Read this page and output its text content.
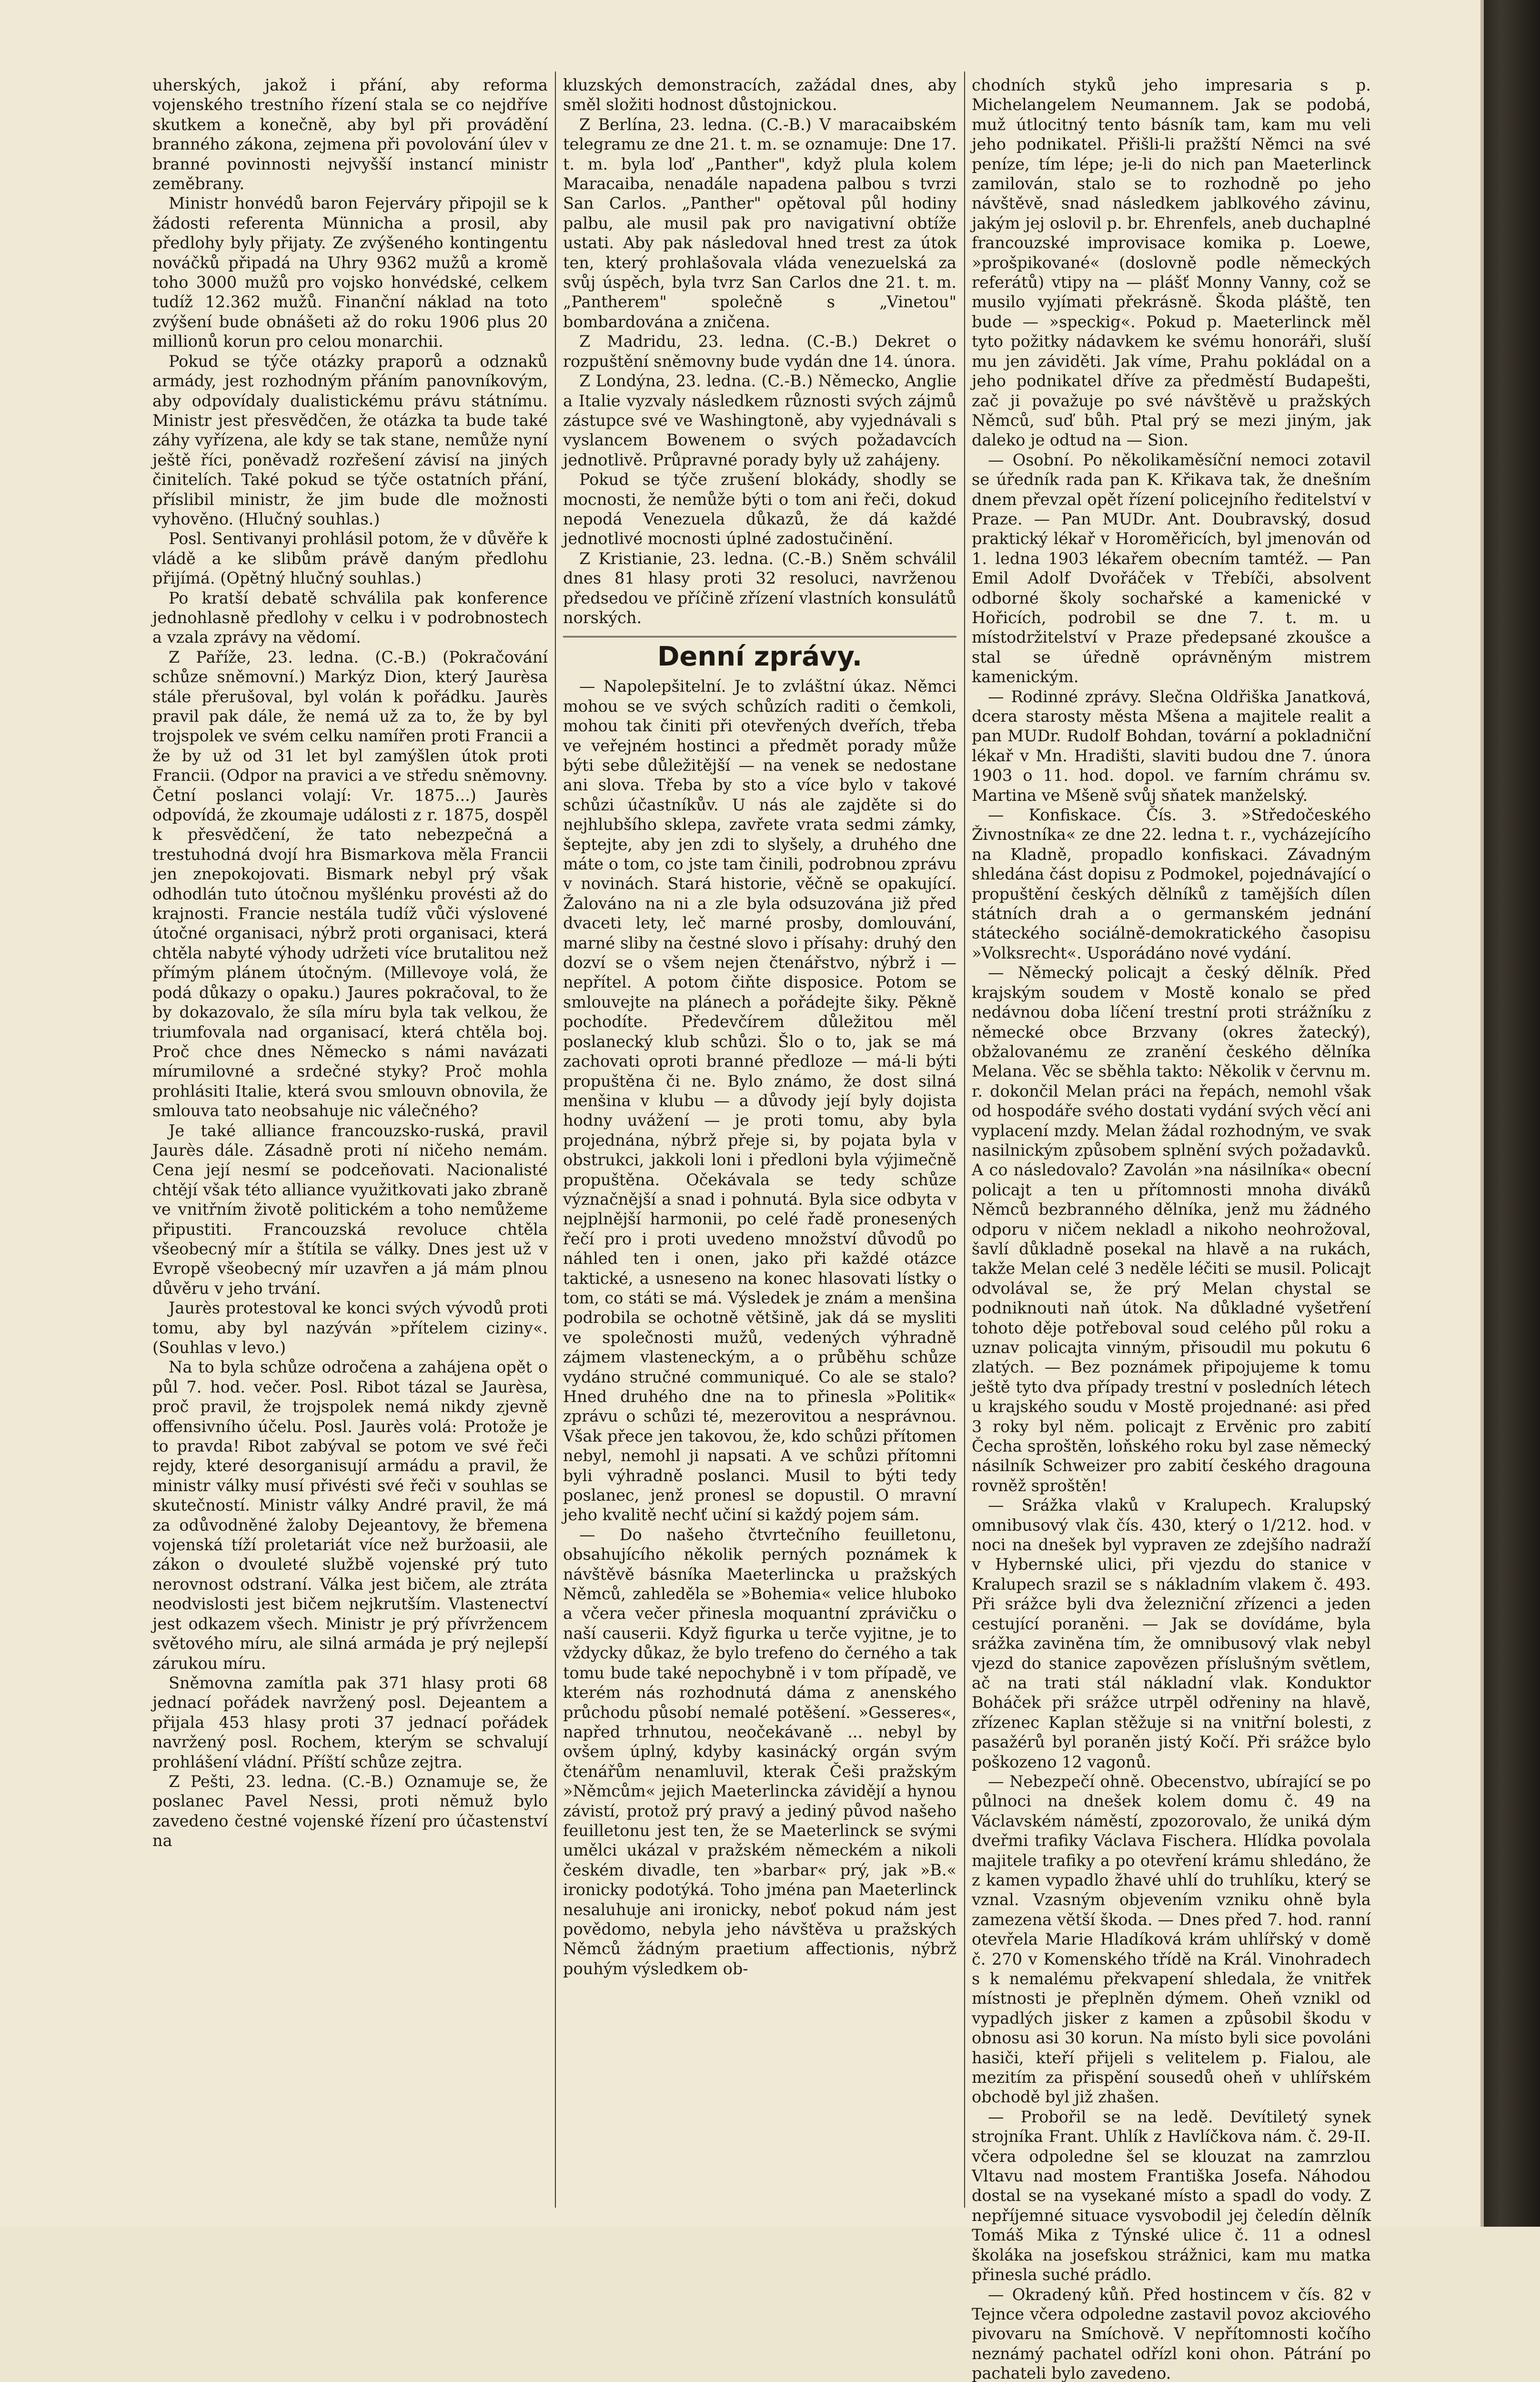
uherských, jakož i přání, aby reforma vojenského trestního řízení stala se co nejdříve skutkem a konečně, aby byl při provádění branného zákona, zejmena při povolování úlev v branné povinnosti nejvyšší instancí ministr zeměbrany.

Ministr honvédů baron Fejerváry připojil se k žádosti referenta Münnicha a prosil, aby předlohy byly přijaty. Ze zvýšeného kontingentu nováčků připadá na Uhry 9362 mužů a kromě toho 3000 mužů pro vojsko honvédské, celkem tudíž 12.362 mužů. Finanční náklad na toto zvýšení bude obnášeti až do roku 1906 plus 20 millionů korun pro celou monarchii.

Pokud se týče otázky praporů a odznaků armády, jest rozhodným přáním panovníkovým, aby odpovídaly dualistickému právu státnímu. Ministr jest přesvědčen, že otázka ta bude také záhy vyřízena, ale kdy se tak stane, nemůže nyní ještě říci, poněvadž rozřešení závisí na jiných činitelích. Také pokud se týče ostatních přání, příslibil ministr, že jim bude dle možnosti vyhověno. (Hlučný souhlas.)

Posl. Sentivanyi prohlásil potom, že v důvěře k vládě a ke slibům právě daným předlohu přijímá. (Opětný hlučný souhlas.)

Po kratší debatě schválila pak konference jednohlasně předlohy v celku i v podrobnostech a vzala zprávy na vědomí.

Z Paříže, 23. ledna. (C.-B.) (Pokračování schůze sněmovní.) Markýz Dion, který Jaurèsa stále přerušoval, byl volán k pořádku. Jaurès pravil pak dále, že nemá už za to, že by byl trojspolek ve svém celku namířen proti Francii a že by už od 31 let byl zamýšlen útok proti Francii. (Odpor na pravici a ve středu sněmovny. Četní poslanci volají: Vr. 1875...) Jaurès odpovídá, že zkoumaje události z r. 1875, dospěl k přesvědčení, že tato nebezpečná a trestuhodná dvojí hra Bismarkova měla Francii jen znepokojovati. Bismark nebyl prý však odhodlán tuto útočnou myšlénku provésti až do krajnosti. Francie nestála tudíž vůči výslovené útočné organisaci, nýbrž proti organisaci, která chtěla nabyté výhody udržeti více brutalitou než přímým plánem útočným. (Millevoye volá, že podá důkazy o opaku.) Jaures pokračoval, to že by dokazovalo, že síla míru byla tak velkou, že triumfovala nad organisací, která chtěla boj. Proč chce dnes Německo s námi navázati mírumilovné a srdečné styky? Proč mohla prohlásiti Italie, která svou smlouvn obnovila, že smlouva tato neobsahuje nic válečného?

Je také alliance francouzsko-ruská, pravil Jaurès dále. Zásadně proti ní ničeho nemám. Cena její nesmí se podceňovati. Nacionalisté chtějí však této alliance využitkovati jako zbraně ve vnitřním životě politickém a toho nemůžeme připustiti. Francouzská revoluce chtěla všeobecný mír a štítila se války. Dnes jest už v Evropě všeobecný mír uzavřen a já mám plnou důvěru v jeho trvání.

Jaurès protestoval ke konci svých vývodů proti tomu, aby byl nazýván »přítelem ciziny«. (Souhlas v levo.)

Na to byla schůze odročena a zahájena opět o půl 7. hod. večer. Posl. Ribot tázal se Jaurèsa, proč pravil, že trojspolek nemá nikdy zjevně offensivního účelu. Posl. Jaurès volá: Protože je to pravda! Ribot zabýval se potom ve své řeči rejdy, které desorganisují armádu a pravil, že ministr války musí přivésti své řeči v souhlas se skutečností. Ministr války André pravil, že má za odůvodněné žaloby Dejeantovy, že břemena vojenská tíží proletariát více než buržoasii, ale zákon o dvouleté službě vojenské prý tuto nerovnost odstraní. Válka jest bičem, ale ztráta neodvislosti jest bičem nejkrutším. Vlastenectví jest odkazem všech. Ministr je prý přívržencem světového míru, ale silná armáda je prý nejlepší zárukou míru.

Sněmovna zamítla pak 371 hlasy proti 68 jednací pořádek navržený posl. Dejeantem a přijala 453 hlasy proti 37 jednací pořádek navržený posl. Rochem, kterým se schvalují prohlášení vládní. Příští schůze zejtra.

Z Pešti, 23. ledna. (C.-B.) Oznamuje se, že poslanec Pavel Nessi, proti němuž bylo zavedeno čestné vojenské řízení pro účastenství na

kluzských demonstracích, zažádal dnes, aby směl složiti hodnost důstojnickou.

Z Berlína, 23. ledna. (C.-B.) V maracaibském telegramu ze dne 21. t. m. se oznamuje: Dne 17. t. m. byla loď „Panther", když plula kolem Maracaiba, nenadále napadena palbou s tvrzi San Carlos. „Panther" opětoval půl hodiny palbu, ale musil pak pro navigativní obtíže ustati. Aby pak následoval hned trest za útok ten, který prohlašovala vláda venezuelská za svůj úspěch, byla tvrz San Carlos dne 21. t. m. „Pantherem" společně s „Vinetou" bombardována a zničena.

Z Madridu, 23. ledna. (C.-B.) Dekret o rozpuštění sněmovny bude vydán dne 14. února.

Z Londýna, 23. ledna. (C.-B.) Německo, Anglie a Italie vyzvaly následkem různosti svých zájmů zástupce své ve Washingtoně, aby vyjednávali s vyslancem Bowenem o svých požadavcích jednotlivě. Průpravné porady byly už zahájeny.

Pokud se týče zrušení blokády, shodly se mocnosti, že nemůže býti o tom ani řeči, dokud nepodá Venezuela důkazů, že dá každé jednotlivé mocnosti úplné zadostučinění.

Z Kristianie, 23. ledna. (C.-B.) Sněm schválil dnes 81 hlasy proti 32 resoluci, navrženou předsedou ve příčině zřízení vlastních konsulátů norských.

Denní zprávy.

— Napolepšitelní. Je to zvláštní úkaz. Němci mohou se ve svých schůzích raditi o čemkoli, mohou tak činiti při otevřených dveřích, třeba ve veřejném hostinci a předmět porady může býti sebe důležitější — na venek se nedostane ani slova. Třeba by sto a více bylo v takové schůzi účastníkův. U nás ale zajděte si do nejhlubšího sklepa, zavřete vrata sedmi zámky, šeptejte, aby jen zdi to slyšely, a druhého dne máte o tom, co jste tam činili, podrobnou zprávu v novinách. Stará historie, věčně se opakující. Žalováno na ni a zle byla odsuzována již před dvaceti lety, leč marné prosby, domlouvání, marné sliby na čestné slovo i přísahy: druhý den dozví se o všem nejen čtenářstvo, nýbrž i — nepřítel. A potom čiňte disposice. Potom se smlouvejte na plánech a pořádejte šiky. Pěkně pochodíte. Předevčírem důležitou měl poslanecký klub schůzi. Šlo o to, jak se má zachovati oproti branné předloze — má-li býti propuštěna či ne. Bylo známo, že dost silná menšina v klubu — a důvody její byly dojista hodny uvážení — je proti tomu, aby byla projednána, nýbrž přeje si, by pojata byla v obstrukci, jakkoli loni i předloni byla výjimečně propuštěna. Očekávala se tedy schůze význačnější a snad i pohnutá. Byla sice odbyta v nejplnější harmonii, po celé řadě pronesených řečí pro i proti uvedeno množství důvodů po náhled ten i onen, jako při každé otázce taktické, a usneseno na konec hlasovati lístky o tom, co státi se má. Výsledek je znám a menšina podrobila se ochotně většině, jak dá se mysliti ve společnosti mužů, vedených výhradně zájmem vlasteneckým, a o průběhu schůze vydáno stručné communiqué. Co ale se stalo? Hned druhého dne na to přinesla »Politik« zprávu o schůzi té, mezerovitou a nesprávnou. Však přece jen takovou, že, kdo schůzi přítomen nebyl, nemohl ji napsati. A ve schůzi přítomni byli výhradně poslanci. Musil to býti tedy poslanec, jenž pronesl se dopustil. O mravní jeho kvalitě nechť učiní si každý pojem sám.

— Do našeho čtvrtečního feuilletonu, obsahujícího několik perných poznámek k návštěvě básníka Maeterlincka u pražských Němců, zahleděla se »Bohemia« velice hluboko a včera večer přinesla moquantní zprávičku o naší causerii. Když figurka u terče vyjitne, je to vždycky důkaz, že bylo trefeno do černého a tak tomu bude také nepochybně i v tom případě, ve kterém nás rozhodnutá dáma z anenského průchodu působí nemalé potěšení. »Gesseres«, napřed trhnutou, neočekávaně ... nebyl by ovšem úplný, kdyby kasinácký orgán svým čtenářům nenamluvil, kterak Češi pražským »Němcům« jejich Maeterlincka závidějí a hynou závistí, protož prý pravý a jediný původ našeho feuilletonu jest ten, že se Maeterlinck se svými umělci ukázal v pražském německém a nikoli českém divadle, ten »barbar« prý, jak »B.« ironicky podotýká. Toho jména pan Maeterlinck nesaluhuje ani ironicky, neboť pokud nám jest povědomo, nebyla jeho návštěva u pražských Němců žádným praetium affectionis, nýbrž pouhým výsledkem ob-

chodních styků jeho impresaria s p. Michelangelem Neumannem. Jak se podobá, muž útlocitný tento básník tam, kam mu veli jeho podnikatel. Přišli-li pražští Němci na své peníze, tím lépe; je-li do nich pan Maeterlinck zamilován, stalo se to rozhodně po jeho návštěvě, snad následkem jablkového závinu, jakým jej oslovil p. br. Ehrenfels, aneb duchaplné francouzské improvisace komika p. Loewe, »prošpikované« (doslovně podle německých referátů) vtipy na — plášť Monny Vanny, což se musilo vyjímati překrásně. Škoda pláště, ten bude — »speckig«. Pokud p. Maeterlinck měl tyto požitky nádavkem ke svému honoráři, sluší mu jen záviděti. Jak víme, Prahu pokládal on a jeho podnikatel dříve za předměstí Budapešti, zač ji považuje po své návštěvě u pražských Němců, suď bůh. Ptal prý se mezi jiným, jak daleko je odtud na — Sion.

— Osobní. Po několikaměsíční nemoci zotavil se úředník rada pan K. Křikava tak, že dnešním dnem převzal opět řízení policejního ředitelství v Praze. — Pan MUDr. Ant. Doubravský, dosud praktický lékař v Horoměřicích, byl jmenován od 1. ledna 1903 lékařem obecním tamtéž. — Pan Emil Adolf Dvořáček v Třebíči, absolvent odborné školy sochařské a kamenické v Hořicích, podrobil se dne 7. t. m. u místodržitelství v Praze předepsané zkoušce a stal se úředně oprávněným mistrem kamenickým.

— Rodinné zprávy. Slečna Oldřiška Janatková, dcera starosty města Mšena a majitele realit a pan MUDr. Rudolf Bohdan, tovární a pokladniční lékař v Mn. Hradišti, slaviti budou dne 7. února 1903 o 11. hod. dopol. ve farním chrámu sv. Martina ve Mšeně svůj sňatek manželský.

— Konfiskace. Čís. 3. »Středočeského Živnostníka« ze dne 22. ledna t. r., vycházejícího na Kladně, propadlo konfiskaci. Závadným shledána část dopisu z Podmokel, pojednávající o propuštění českých dělníků z tamějších dílen státních drah a o germanském jednání státeckého sociálně-demokratického časopisu »Volksrecht«. Usporádáno nové vydání.

— Německý policajt a český dělník. Před krajským soudem v Mostě konalo se před nedávnou doba líčení trestní proti strážníku z německé obce Brzvany (okres žatecký), obžalovanému ze zranění českého dělníka Melana. Věc se sběhla takto: Několik v červnu m. r. dokončil Melan práci na řepách, nemohl však od hospodáře svého dostati vydání svých věcí ani vyplacení mzdy. Melan žádal rozhodným, ve svak nasilnickým způsobem splnění svých požadavků. A co následovalo? Zavolán »na násilníka« obecní policajt a ten u přítomnosti mnoha diváků Němců bezbranného dělníka, jenž mu žádného odporu v ničem nekladl a nikoho neohrožoval, šavlí důkladně posekal na hlavě a na rukách, takže Melan celé 3 neděle léčiti se musil. Policajt odvolával se, že prý Melan chystal se podniknouti naň útok. Na důkladné vyšetření tohoto děje potřeboval soud celého půl roku a uznav policajta vinným, přisoudil mu pokutu 6 zlatých. — Bez poznámek připojujeme k tomu ještě tyto dva případy trestní v posledních létech u krajského soudu v Mostě projednané: asi před 3 roky byl něm. policajt z Ervěnic pro zabití Čecha sproštěn, loňského roku byl zase německý násilník Schweizer pro zabití českého dragouna rovněž sproštěn!

— Srážka vlaků v Kralupech. Kralupský omnibusový vlak čís. 430, který o 1/212. hod. v noci na dnešek byl vypraven ze zdejšího nadraží v Hybernské ulici, při vjezdu do stanice v Kralupech srazil se s nákladním vlakem č. 493. Při srážce byli dva železniční zřízenci a jeden cestující poraněni. — Jak se dovídáme, byla srážka zaviněna tím, že omnibusový vlak nebyl vjezd do stanice zapovězen příslušným světlem, ač na trati stál nákladní vlak. Konduktor Boháček při srážce utrpěl odřeniny na hlavě, zřízenec Kaplan stěžuje si na vnitřní bolesti, z pasažérů byl poraněn jistý Kočí. Při srážce bylo poškozeno 12 vagonů.

— Nebezpečí ohně. Obecenstvo, ubírající se po půlnoci na dnešek kolem domu č. 49 na Václavském náměstí, zpozorovalo, že uniká dým dveřmi trafiky Václava Fischera. Hlídka povolala majitele trafiky a po otevření krámu shledáno, že z kamen vypadlo žhavé uhlí do truhlíku, který se vznal. Vzasným objevením vzniku ohně byla zamezena větší škoda. — Dnes před 7. hod. ranní otevřela Marie Hladíková krám uhlířský v domě č. 270 v Komenského třídě na Král. Vinohradech s k nemalému překvapení shledala, že vnitřek místnosti je přeplněn dýmem. Oheň vznikl od vypadlých jisker z kamen a způsobil škodu v obnosu asi 30 korun. Na místo byli sice povoláni hasiči, kteří přijeli s velitelem p. Fialou, ale mezitím za přispění sousedů oheň v uhlířském obchodě byl již zhašen.

— Probořil se na ledě. Devítiletý synek strojníka Frant. Uhlík z Havlíčkova nám. č. 29-II. včera odpoledne šel se klouzat na zamrzlou Vltavu nad mostem Františka Josefa. Náhodou dostal se na vysekané místo a spadl do vody. Z nepříjemné situace vysvobodil jej čeledín dělník Tomáš Mika z Týnské ulice č. 11 a odnesl školáka na josefskou strážnici, kam mu matka přinesla suché prádlo.

— Okradený kůň. Před hostincem v čís. 82 v Tejnce včera odpoledne zastavil povoz akciového pivovaru na Smíchově. V nepřítomnosti kočího neznámý pachatel odřízl koni ohon. Pátrání po pachateli bylo zavedeno.
